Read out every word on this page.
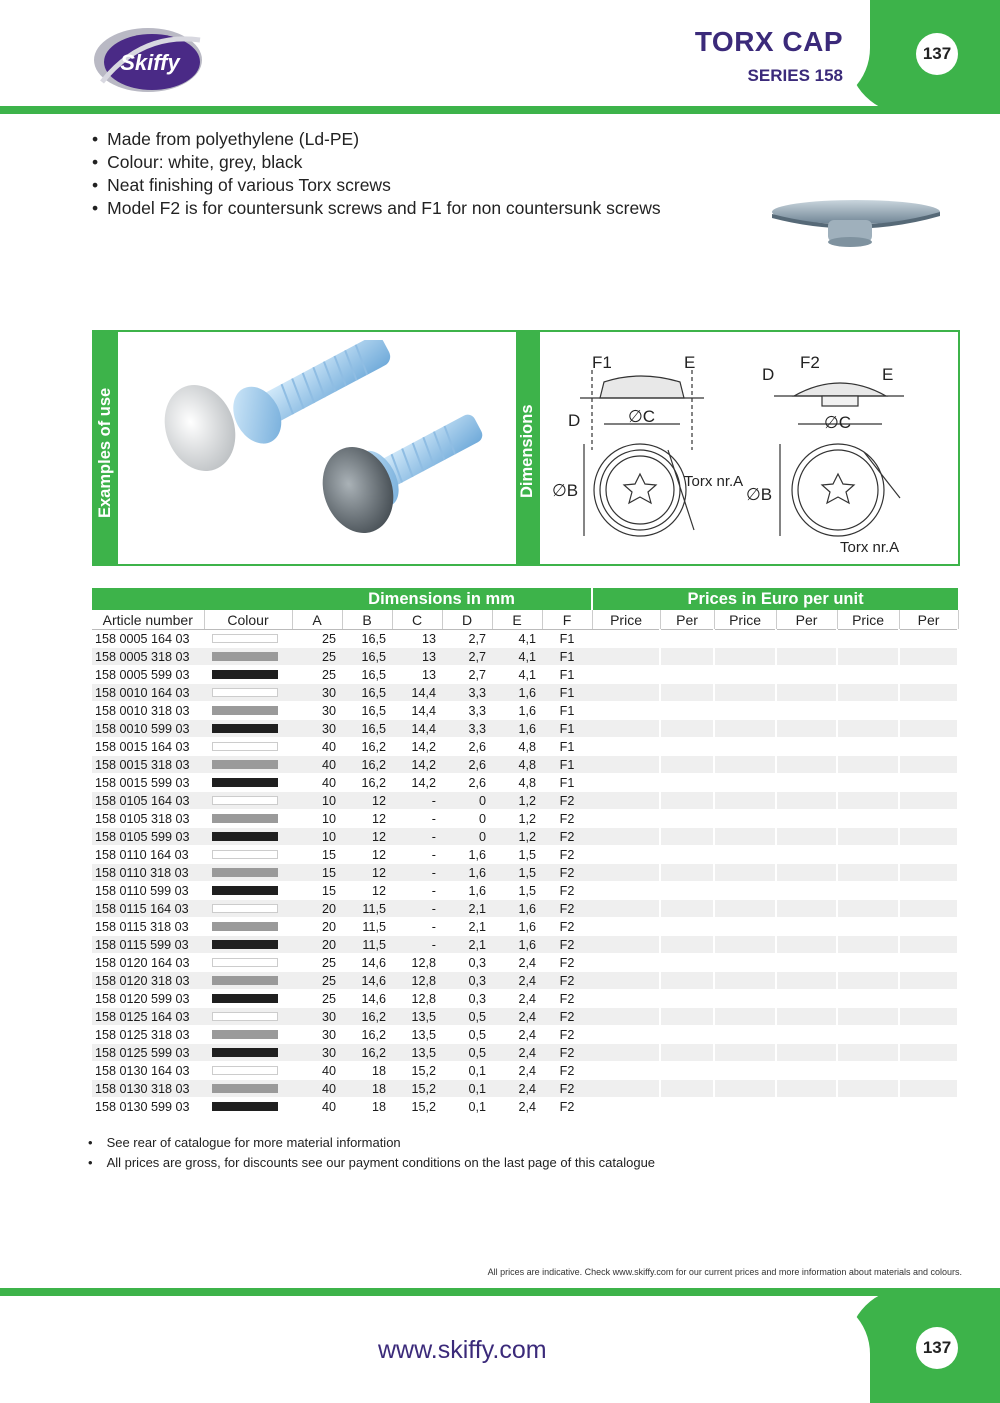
Skiffy
TORX CAP
SERIES 158
137
• Made from polyethylene (Ld-PE)
• Colour: white, grey, black
• Neat finishing of various Torx screws
• Model F2 is for countersunk screws and F1 for non countersunk screws
Examples of use	Dimensions
F1	E
D	∅C
∅B	Torx nr.A
F2
D	E
∅C
∅B
Torx nr.A
		Dimensions in mm						Prices in Euro per unit					
Article number	Colour	A	B	C	D	E	F	Price	Per	Price	Per	Price	Per
158 0005 164 03		25	16,5	13	2,7	4,1	F1						
158 0005 318 03		25	16,5	13	2,7	4,1	F1						
158 0005 599 03		25	16,5	13	2,7	4,1	F1						
158 0010 164 03		30	16,5	14,4	3,3	1,6	F1						
158 0010 318 03		30	16,5	14,4	3,3	1,6	F1						
158 0010 599 03		30	16,5	14,4	3,3	1,6	F1						
158 0015 164 03		40	16,2	14,2	2,6	4,8	F1						
158 0015 318 03		40	16,2	14,2	2,6	4,8	F1						
158 0015 599 03		40	16,2	14,2	2,6	4,8	F1						
158 0105 164 03		10	12	-	0	1,2	F2						
158 0105 318 03		10	12	-	0	1,2	F2						
158 0105 599 03		10	12	-	0	1,2	F2						
158 0110 164 03		15	12	-	1,6	1,5	F2						
158 0110 318 03		15	12	-	1,6	1,5	F2						
158 0110 599 03		15	12	-	1,6	1,5	F2						
158 0115 164 03		20	11,5	-	2,1	1,6	F2						
158 0115 318 03		20	11,5	-	2,1	1,6	F2						
158 0115 599 03		20	11,5	-	2,1	1,6	F2						
158 0120 164 03		25	14,6	12,8	0,3	2,4	F2						
158 0120 318 03		25	14,6	12,8	0,3	2,4	F2						
158 0120 599 03		25	14,6	12,8	0,3	2,4	F2						
158 0125 164 03		30	16,2	13,5	0,5	2,4	F2						
158 0125 318 03		30	16,2	13,5	0,5	2,4	F2						
158 0125 599 03		30	16,2	13,5	0,5	2,4	F2						
158 0130 164 03		40	18	15,2	0,1	2,4	F2						
158 0130 318 03		40	18	15,2	0,1	2,4	F2						
158 0130 599 03		40	18	15,2	0,1	2,4	F2						
• See rear of catalogue for more material information
• All prices are gross, for discounts see our payment conditions on the last page of this catalogue
All prices are indicative. Check www.skiffy.com for our current prices and more information about materials and colours.
www.skiffy.com	137
